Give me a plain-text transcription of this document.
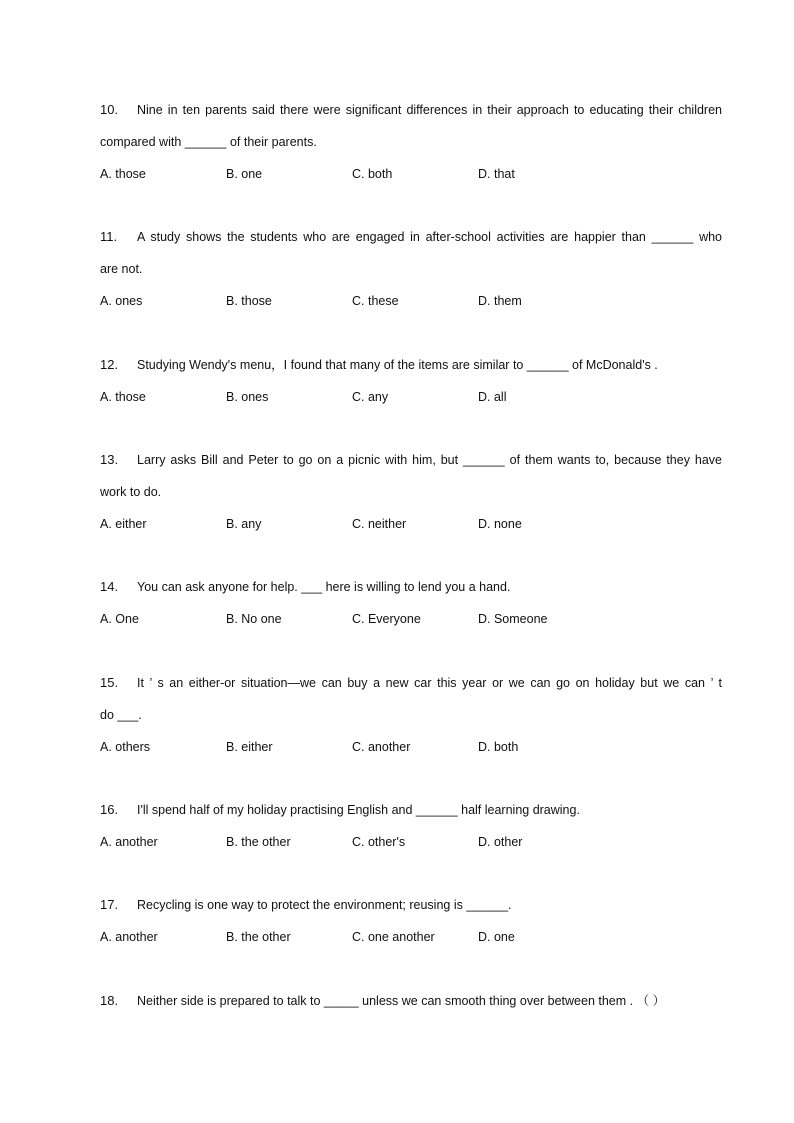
10. Nine in ten parents said there were significant differences in their approach to educating their children
compared with ______ of their parents.
A. those	B. one	C. both	D. that
11. A study shows the students who are engaged in after-school activities are happier than ______ who
are not.
A. ones	B. those	C. these	D. them
12. Studying Wendy's menu，I found that many of the items are similar to ______ of McDonald's .
A. those	B. ones	C. any	D. all
13. Larry asks Bill and Peter to go on a picnic with him, but ______ of them wants to, because they have
work to do.
A. either	B. any	C. neither	D. none
14. You can ask anyone for help. ___ here is willing to lend you a hand.
A. One	B. No one	C. Everyone	D. Someone
15. It ’ s an either-or situation—we can buy a new car this year or we can go on holiday but we can ’ t
do ___.
A. others	B. either	C. another	D. both
16. I'll spend half of my holiday practising English and ______ half learning drawing.
A. another	B. the other	C. other's	D. other
17. Recycling is one way to protect the environment; reusing is ______.
A. another	B. the other	C. one another	D. one
18. Neither side is prepared to talk to _____ unless we can smooth thing over between them . （ ）
